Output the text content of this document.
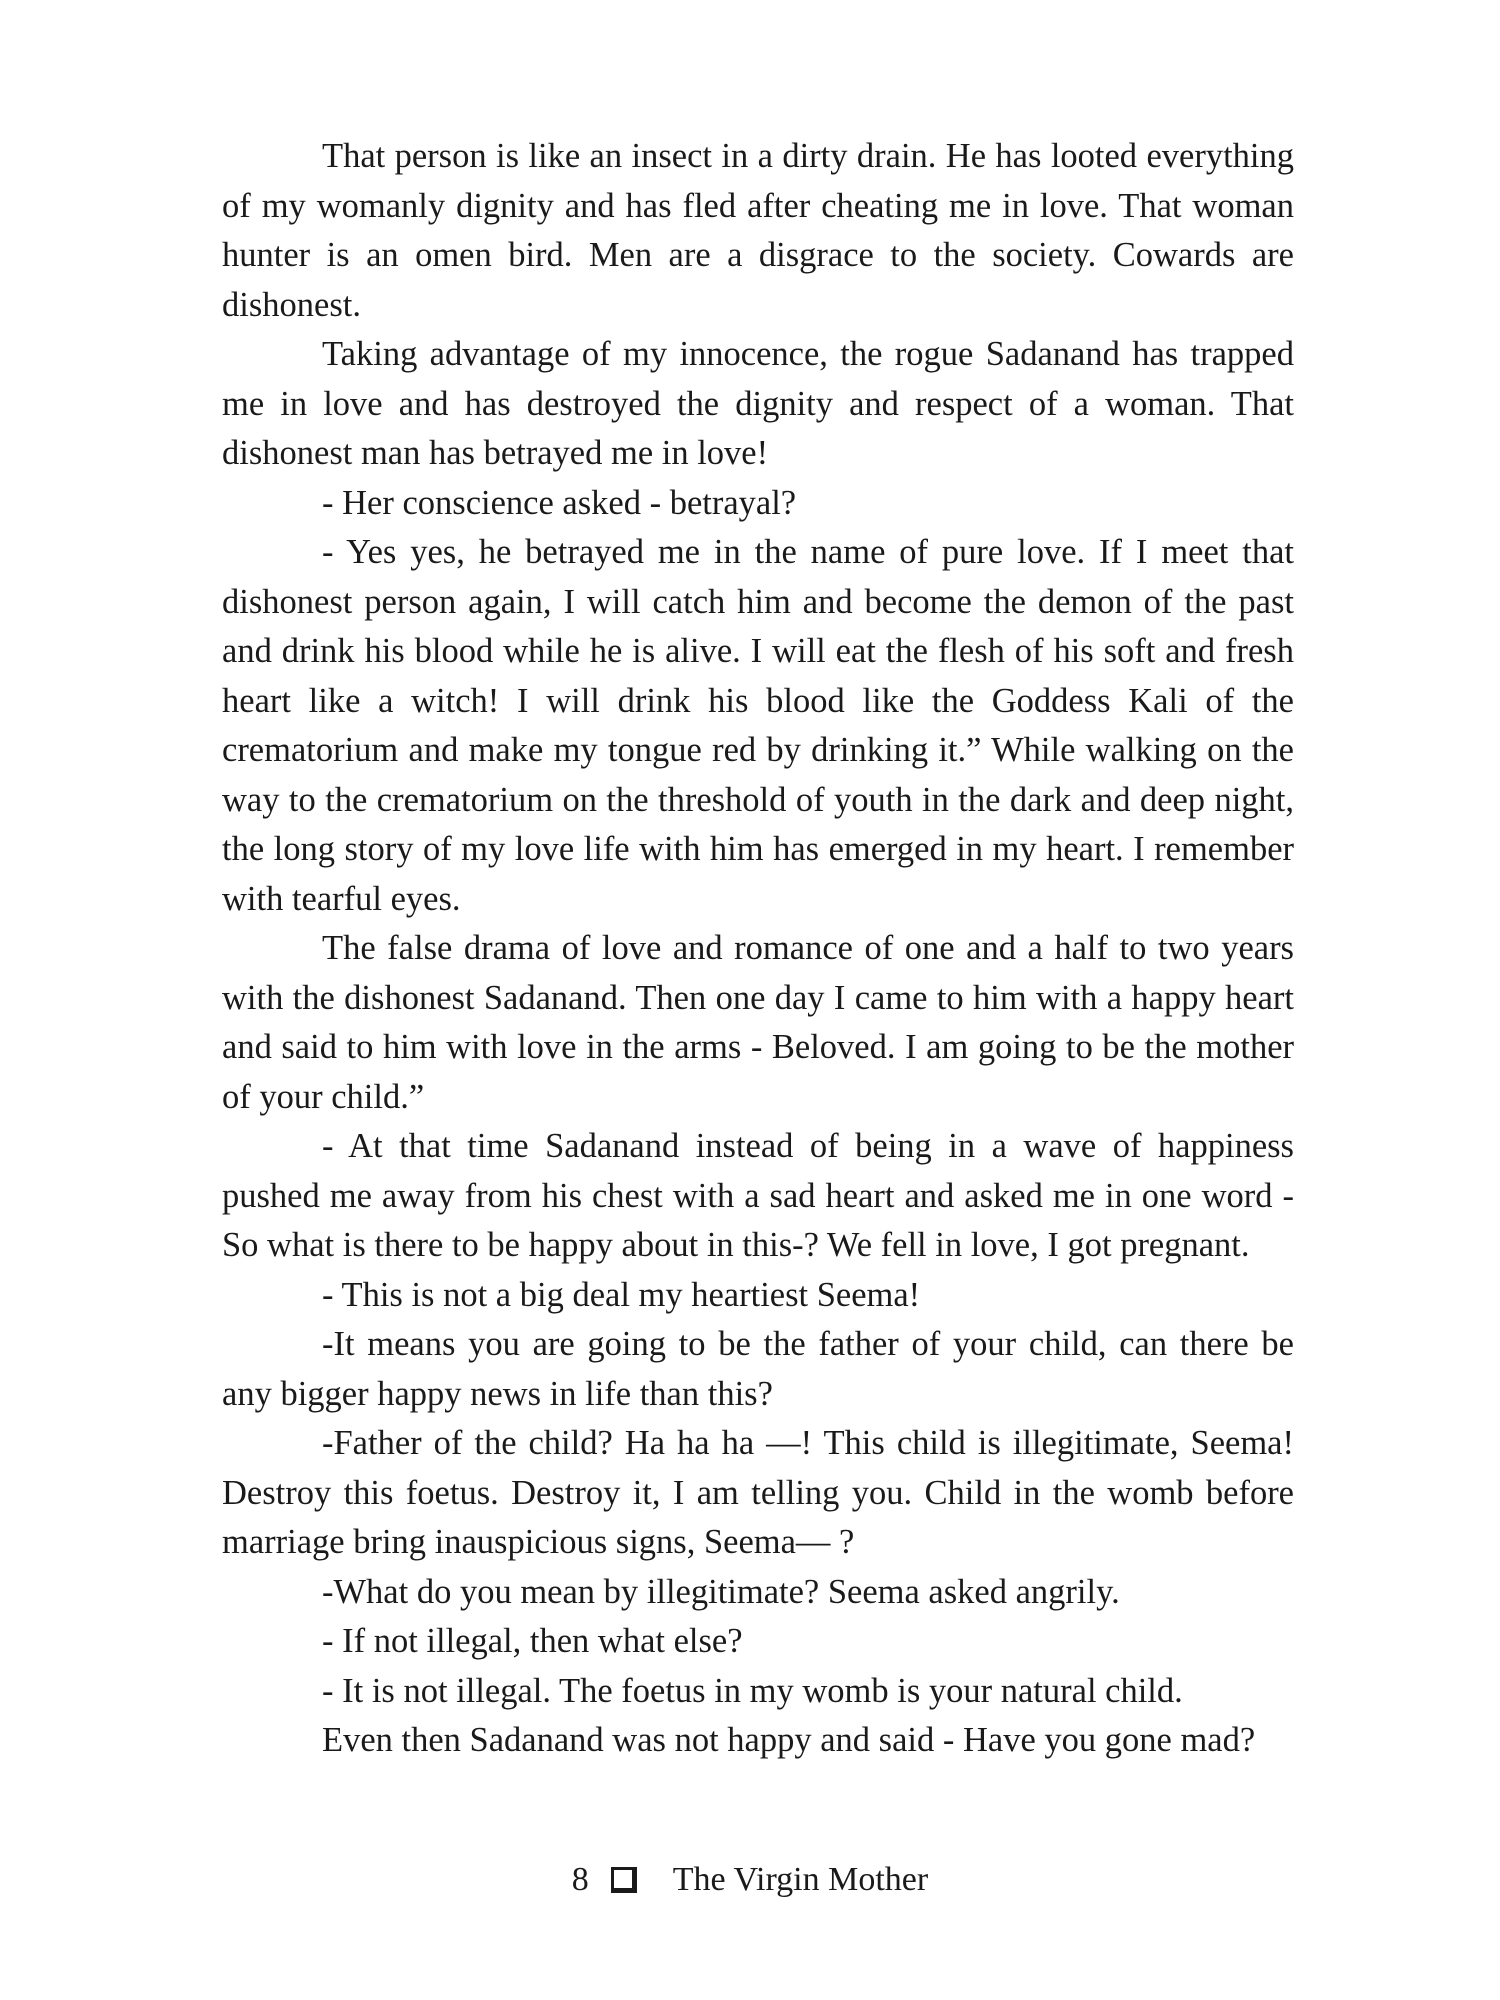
That person is like an insect in a dirty drain. He has looted everything of my womanly dignity and has fled after cheating me in love. That woman hunter is an omen bird. Men are a disgrace to the society. Cowards are dishonest.

Taking advantage of my innocence, the rogue Sadanand has trapped me in love and has destroyed the dignity and respect of a woman. That dishonest man has betrayed me in love!

- Her conscience asked - betrayal?

- Yes yes, he betrayed me in the name of pure love. If I meet that dishonest person again, I will catch him and become the demon of the past and drink his blood while he is alive. I will eat the flesh of his soft and fresh heart like a witch! I will drink his blood like the Goddess Kali of the crematorium and make my tongue red by drinking it.” While walking on the way to the crematorium on the threshold of youth in the dark and deep night, the long story of my love life with him has emerged in my heart. I remember with tearful eyes.

The false drama of love and romance of one and a half to two years with the dishonest Sadanand. Then one day I came to him with a happy heart and said to him with love in the arms - Beloved. I am going to be the mother of your child.”

- At that time Sadanand instead of being in a wave of happiness pushed me away from his chest with a sad heart and asked me in one word -So what is there to be happy about in this-? We fell in love, I got pregnant.

- This is not a big deal my heartiest Seema!

-It means you are going to be the father of your child, can there be any bigger happy news in life than this?

-Father of the child? Ha ha ha —! This child is illegitimate, Seema! Destroy this foetus. Destroy it, I am telling you. Child in the womb before marriage bring inauspicious signs, Seema— ?

-What do you mean by illegitimate? Seema asked angrily.

- If not illegal, then what else?

- It is not illegal. The foetus in my womb is your natural child.

Even then Sadanand was not happy and said - Have you gone mad?

8 The Virgin Mother
